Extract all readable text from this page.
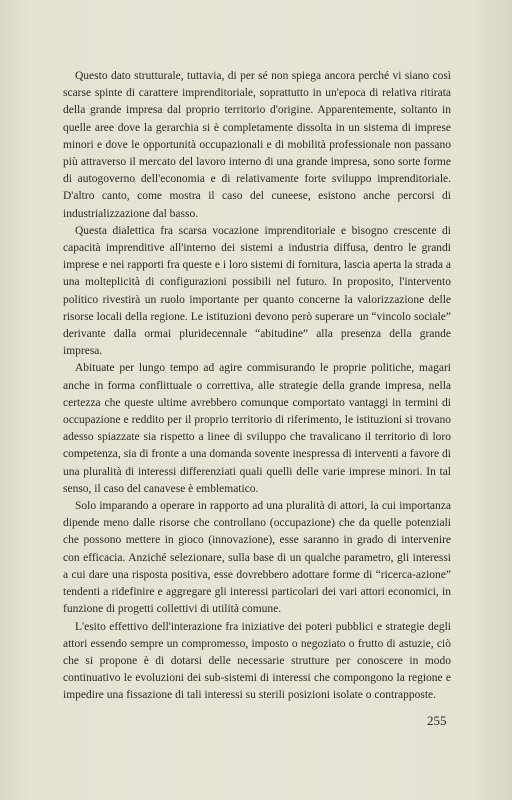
Questo dato strutturale, tuttavia, di per sé non spiega ancora perché vi siano così scarse spinte di carattere imprenditoriale, soprattutto in un'epoca di relativa ritirata della grande impresa dal proprio territorio d'origine. Apparentemente, soltanto in quelle aree dove la gerarchia si è completamente dissolta in un sistema di imprese minori e dove le opportunità occupazionali e di mobilità professionale non passano più attraverso il mercato del lavoro interno di una grande impresa, sono sorte forme di autogoverno dell'economia e di relativamente forte sviluppo imprenditoriale. D'altro canto, come mostra il caso del cuneese, esistono anche percorsi di industrializzazione dal basso.

Questa dialettica fra scarsa vocazione imprenditoriale e bisogno crescente di capacità imprenditive all'interno dei sistemi a industria diffusa, dentro le grandi imprese e nei rapporti fra queste e i loro sistemi di fornitura, lascia aperta la strada a una molteplicità di configurazioni possibili nel futuro. In proposito, l'intervento politico rivestirà un ruolo importante per quanto concerne la valorizzazione delle risorse locali della regione. Le istituzioni devono però superare un “vincolo sociale” derivante dalla ormai pluridecennale “abitudine” alla presenza della grande impresa.

Abituate per lungo tempo ad agire commisurando le proprie politiche, magari anche in forma conflittuale o correttiva, alle strategie della grande impresa, nella certezza che queste ultime avrebbero comunque comportato vantaggi in termini di occupazione e reddito per il proprio territorio di riferimento, le istituzioni si trovano adesso spiazzate sia rispetto a linee di sviluppo che travalicano il territorio di loro competenza, sia di fronte a una domanda sovente inespressa di interventi a favore di una pluralità di interessi differenziati quali quelli delle varie imprese minori. In tal senso, il caso del canavese è emblematico.

Solo imparando a operare in rapporto ad una pluralità di attori, la cui importanza dipende meno dalle risorse che controllano (occupazione) che da quelle potenziali che possono mettere in gioco (innovazione), esse saranno in grado di intervenire con efficacia. Anziché selezionare, sulla base di un qualche parametro, gli interessi a cui dare una risposta positiva, esse dovrebbero adottare forme di “ricerca-azione” tendenti a ridefinire e aggregare gli interessi particolari dei vari attori economici, in funzione di progetti collettivi di utilità comune.

L'esito effettivo dell'interazione fra iniziative dei poteri pubblici e strategie degli attori essendo sempre un compromesso, imposto o negoziato o frutto di astuzie, ciò che si propone è di dotarsi delle necessarie strutture per conoscere in modo continuativo le evoluzioni dei sub-sistemi di interessi che compongono la regione e impedire una fissazione di tali interessi su sterili posizioni isolate o contrapposte.

255
